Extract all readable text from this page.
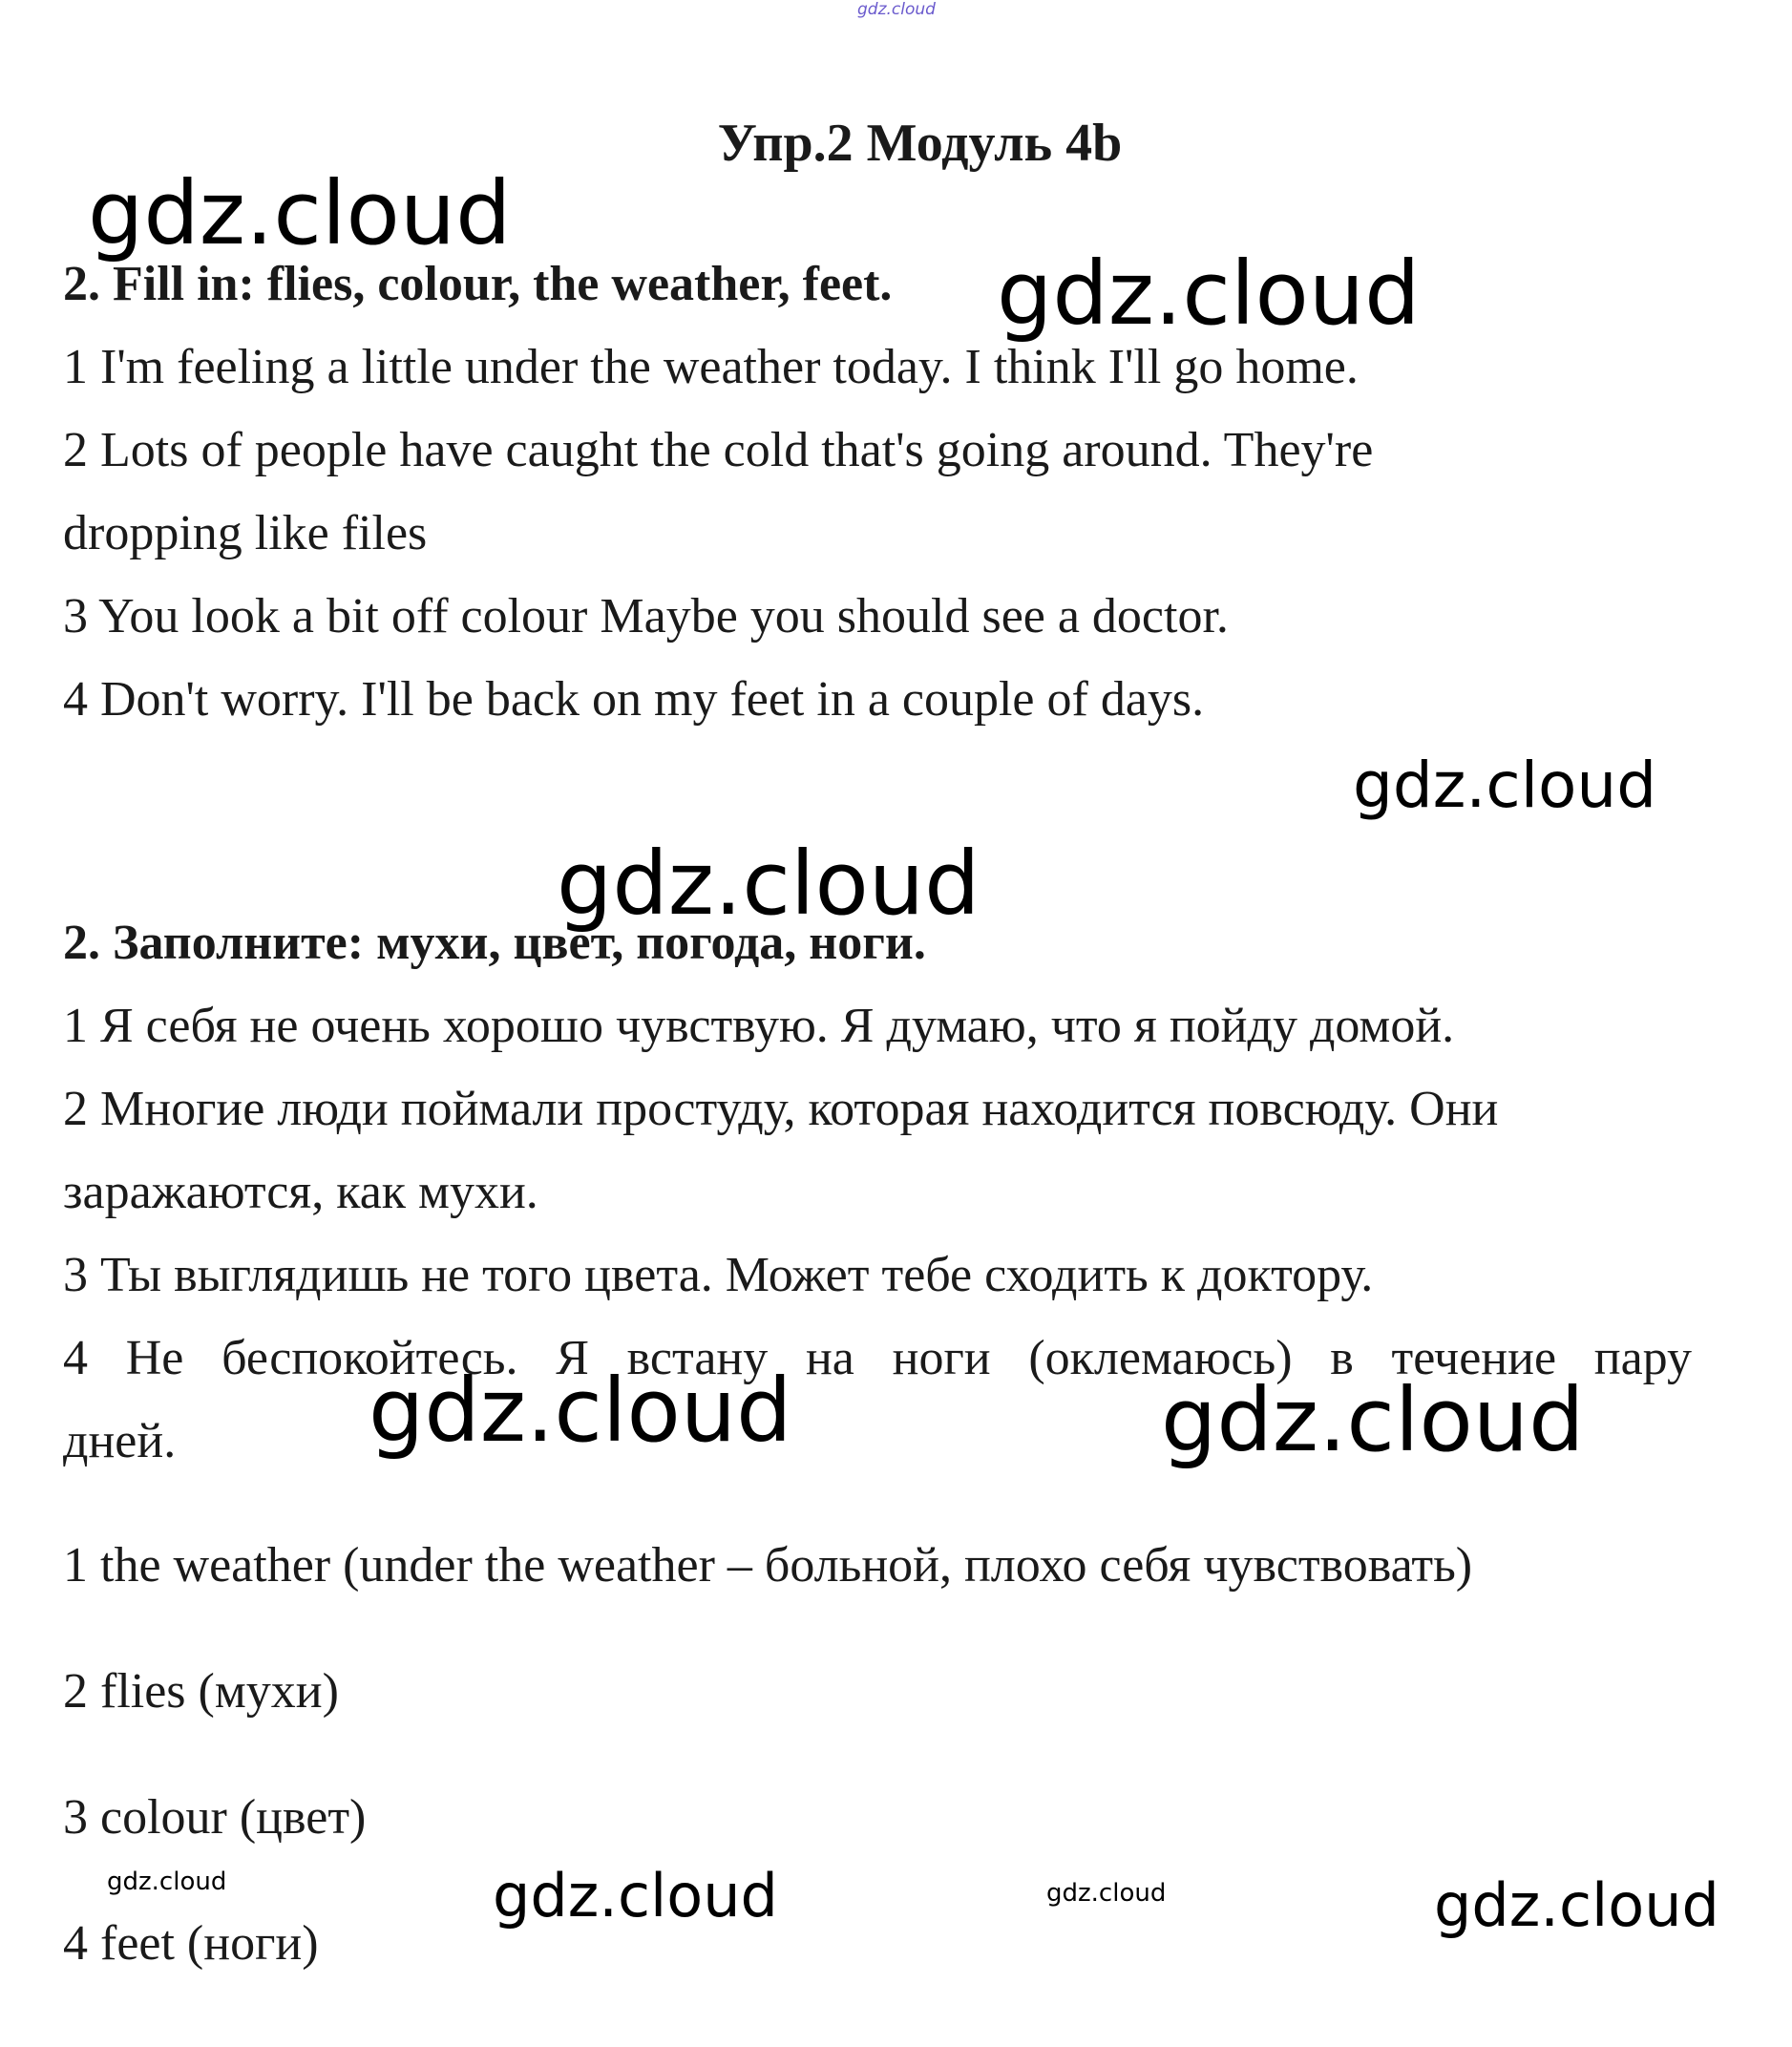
gdz.cloud
Упр.2 Модуль 4b
gdz.cloud
2. Fill in: flies, colour, the weather, feet. gdz.cloud
1 I'm feeling a little under the weather today. I think I'll go home.
2 Lots of people have caught the cold that's going around. They're
dropping like files
3 You look a bit off colour Maybe you should see a doctor.
4 Don't worry. I'll be back on my feet in a couple of days.
gdz.cloud
gdz.cloud
2. Заполните: мухи, цвет, погода, ноги.
1 Я себя не очень хорошо чувствую. Я думаю, что я пойду домой.
2 Многие люди поймали простуду, которая находится повсюду. Они
заражаются, как мухи.
3 Ты выглядишь не того цвета. Может тебе сходить к доктору.
4 Не беспокойтесь. Я встану на ноги (оклемаюсь) в течение пару
дней. gdz.cloud	gdz.cloud
1 the weather (under the weather – больной, плохо себя чувствовать)
2 flies (мухи)
3 colour (цвет)
gdz.cloud	gdz.cloud	gdz.cloud	gdz.cloud
4 feet (ноги)
